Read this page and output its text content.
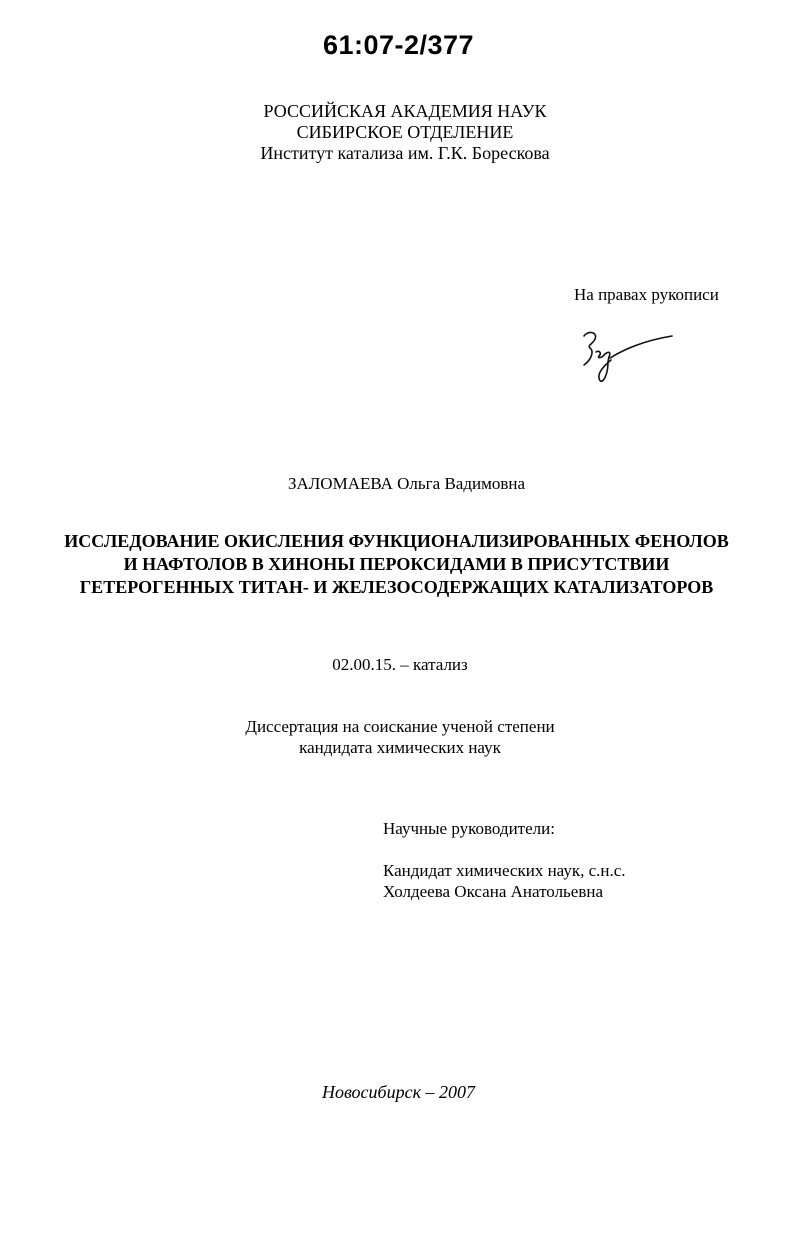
61:07-2/377
РОССИЙСКАЯ АКАДЕМИЯ НАУК
СИБИРСКОЕ ОТДЕЛЕНИЕ
Институт катализа им. Г.К. Борескова
На правах рукописи
ЗАЛОМАЕВА Ольга Вадимовна
ИССЛЕДОВАНИЕ ОКИСЛЕНИЯ ФУНКЦИОНАЛИЗИРОВАННЫХ ФЕНОЛОВ
И НАФТОЛОВ В ХИНОНЫ ПЕРОКСИДАМИ В ПРИСУТСТВИИ
ГЕТЕРОГЕННЫХ ТИТАН- И ЖЕЛЕЗОСОДЕРЖАЩИХ КАТАЛИЗАТОРОВ
02.00.15. – катализ
Диссертация на соискание ученой степени
кандидата химических наук
Научные руководители:
Кандидат химических наук, с.н.с.
Холдеева Оксана Анатольевна
Новосибирск – 2007
